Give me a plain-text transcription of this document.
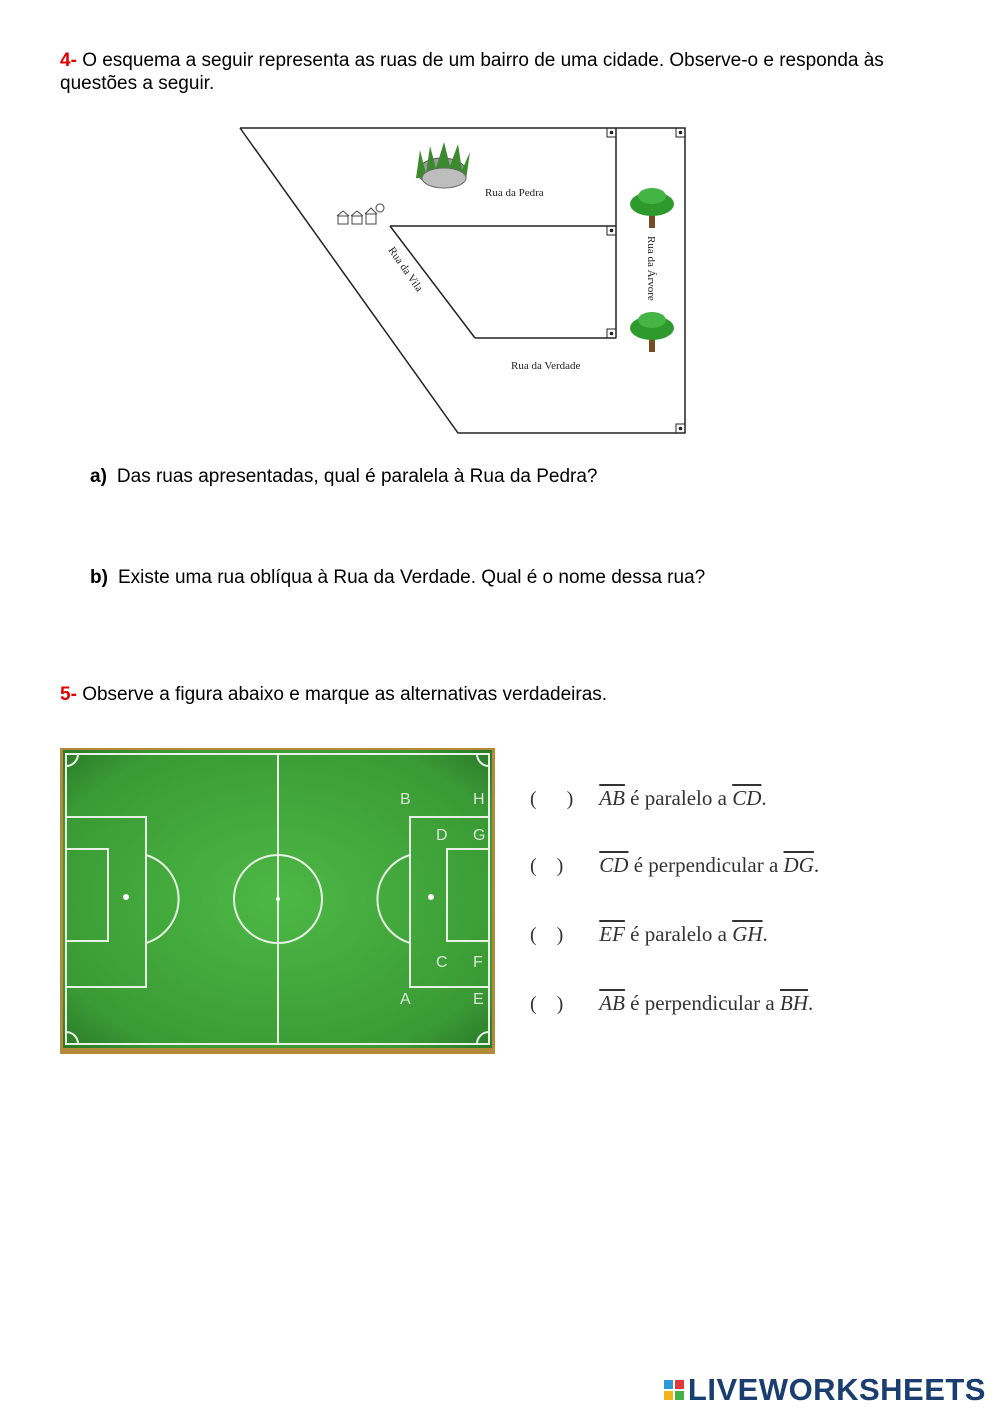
4- O esquema a seguir representa as ruas de um bairro de uma cidade. Observe-o e responda às questões a seguir.
Rua da Pedra
Rua da Verdade
Rua da Vila	Rua da Árvore
a) Das ruas apresentadas, qual é paralela à Rua da Pedra?
b) Existe uma rua oblíqua à Rua da Verdade. Qual é o nome dessa rua?
5- Observe a figura abaixo e marque as alternativas verdadeiras.
B	H
D G
C F
A	E
( ) $\overline{AB}$ é paralelo a $\overline{CD}$.
( ) $\overline{CD}$ é perpendicular a $\overline{DG}$.
( ) $\overline{EF}$ é paralelo a $\overline{GH}$.
( ) $\overline{AB}$ é perpendicular a $\overline{BH}$.
LIVEWORKSHEETS
